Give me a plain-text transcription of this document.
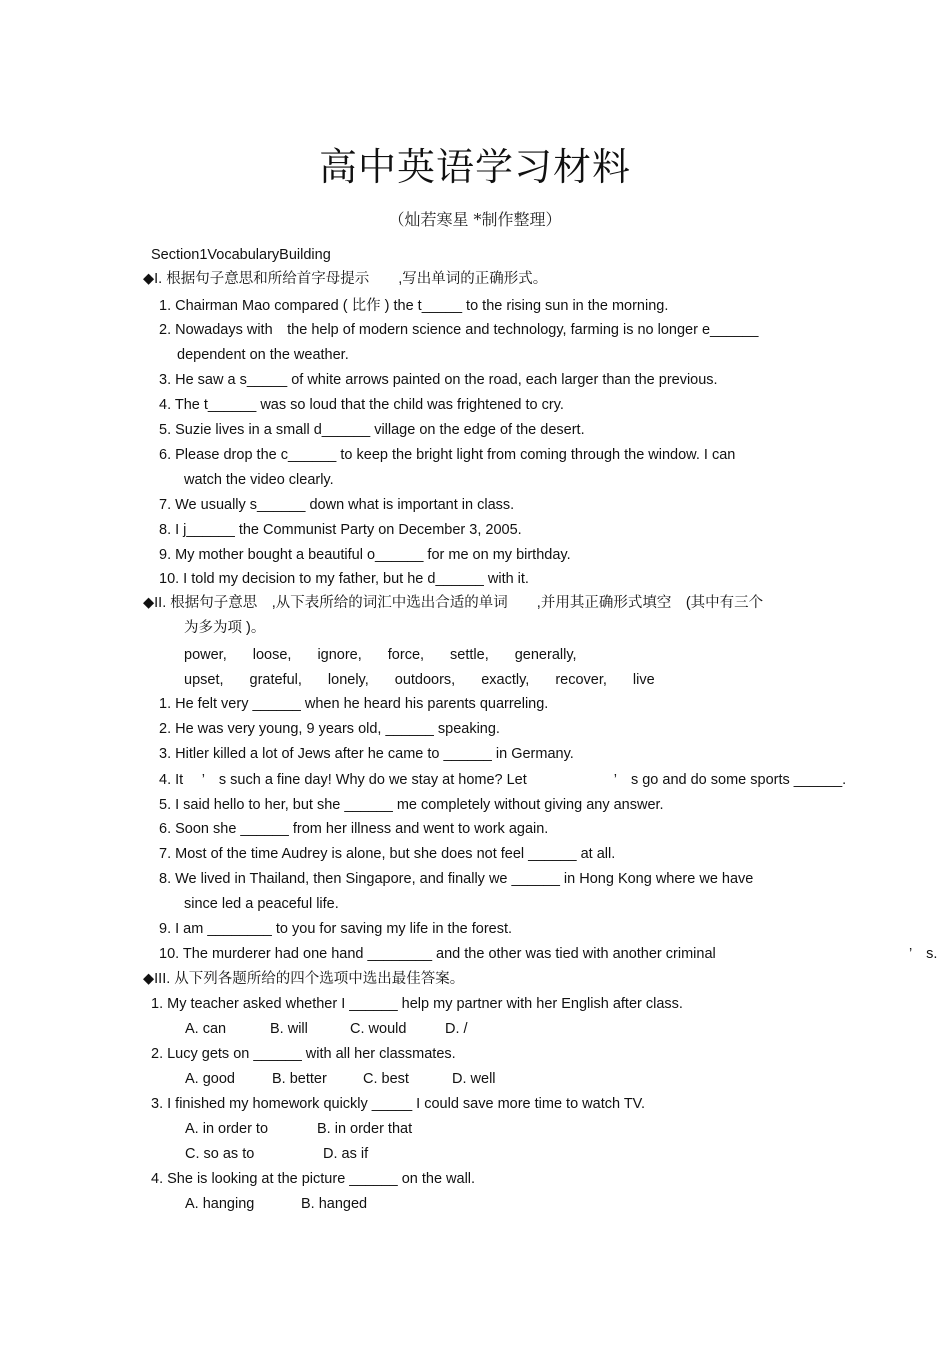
高中英语学习材料
（灿若寒星 *制作整理）
Section1VocabularyBuilding
◆I. 根据句子意思和所给首字母提示　　,写出单词的正确形式。
1. Chairman Mao compared ( 比作 ) the t_____ to the rising sun in the morning.
2. Nowadays with　the help of modern science and technology, farming is no longer e______
dependent on the weather.
3. He saw a s_____ of white arrows painted on the road, each larger than the previous.
4. The t______ was so loud that the child was frightened to cry.
5. Suzie lives in a small d______ village on the edge of the desert.
6. Please drop the c______ to keep the bright light from coming through the window. I can
watch the video clearly.
7. We usually s______ down what is important in class.
8. I j______ the Communist Party on December 3, 2005.
9. My mother bought a beautiful o______ for me on my birthday.
10. I told my decision to my father, but he d______ with it.
◆II. 根据句子意思　,从下表所给的词汇中选出合适的单词　　,并用其正确形式填空　(其中有三个
为多为项 )。
power, loose, ignore, force, settle, generally,
upset, grateful, lonely, outdoors, exactly, recover, live
1. He felt very ______ when he heard his parents quarreling.
2. He was very young, 9 years old, ______ speaking.
3. Hitler killed a lot of Jews after he came to ______ in Germany.
4. It　 ’　s such a fine day! Why do we stay at home? Let　　　　　　’　s go and do some sports ______.
5. I said hello to her, but she ______ me completely without giving any answer.
6. Soon she ______ from her illness and went to work again.
7. Most of the time Audrey is alone, but she does not feel ______ at all.
8. We lived in Thailand, then Singapore, and finally we ______ in Hong Kong where we have
since led a peaceful life.
9. I am ________ to you for saving my life in the forest.
10. The murderer had one hand ________ and the other was tied with another criminal	’　s.
◆III. 从下列各题所给的四个选项中选出最佳答案。
1. My teacher asked whether I ______ help my partner with her English after class.
A. can	B. will	C. would	D. /
2. Lucy gets on ______ with all her classmates.
A. good	B. better C. best	D. well
3. I finished my homework quickly _____ I could save more time to watch TV.
A. in order to	B. in order that
C. so as to	D. as if
4. She is looking at the picture ______ on the wall.
A. hanging	B. hanged
